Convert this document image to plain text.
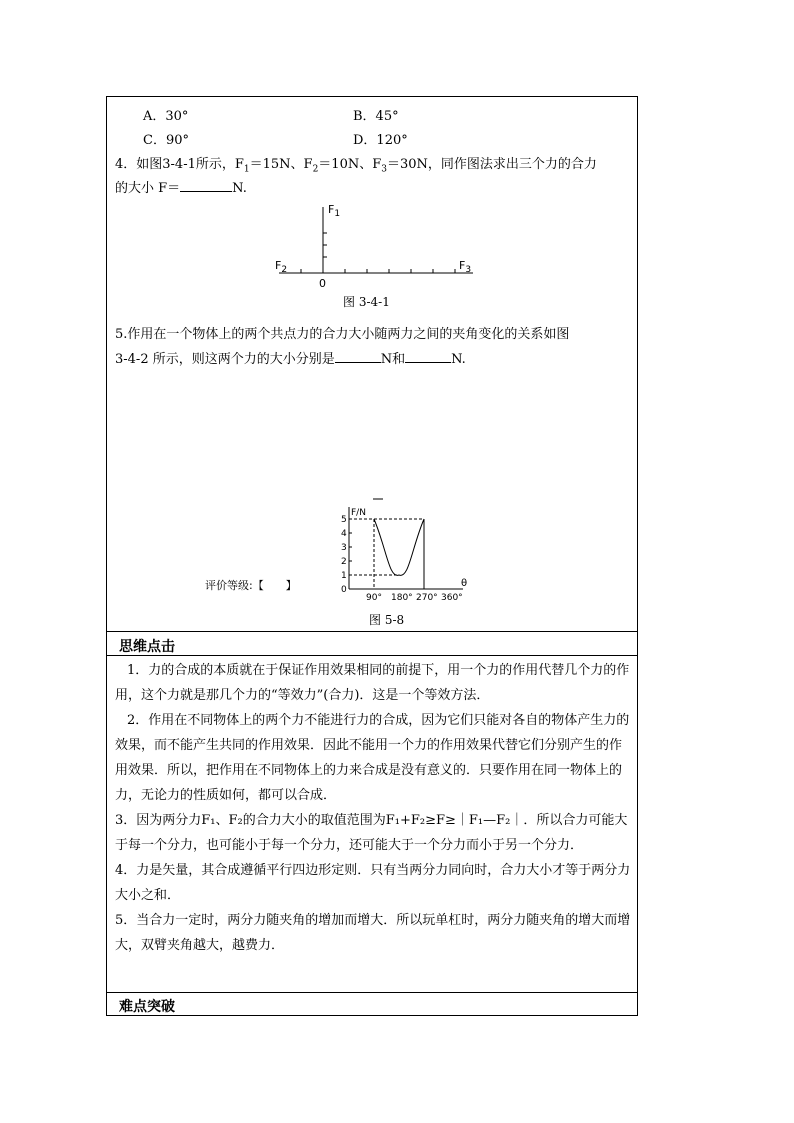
A．30°	B．45°
C．90°	D．120°
4．如图3-4-1所示，$F_1=15N$、$F_2=10N$、$F_3=30N$，同作图法求出三个力的合力
的大小 F＝	N.
$F_1$
$F_2$	$F_3$
0
图 3-4-1
5.作用在一个物体上的两个共点力的合力大小随两力之间的夹角变化的关系如图
3-4-2 所示，则这两个力的大小分别是	N和	N.
评价等级:【 】
F/N
θ
0
1
2
3
4
5
90° 180° 270° 360°
图 5-8
思维点击
1．力的合成的本质就在于保证作用效果相同的前提下，用一个力的作用代替几个力的作用，这个力就是那几个力的“等效力”(合力)．这是一个等效方法．
2．作用在不同物体上的两个力不能进行力的合成，因为它们只能对各自的物体产生力的效果，而不能产生共同的作用效果．因此不能用一个力的作用效果代替它们分别产生的作用效果．所以，把作用在不同物体上的力来合成是没有意义的．只要作用在同一物体上的力，无论力的性质如何，都可以合成．
3．因为两分力F₁、F₂的合力大小的取值范围为F₁+F₂≥F≥｜F₁—F₂｜．所以合力可能大于每一个分力，也可能小于每一个分力，还可能大于一个分力而小于另一个分力．
4．力是矢量，其合成遵循平行四边形定则．只有当两分力同向时，合力大小才等于两分力大小之和．
5．当合力一定时，两分力随夹角的增加而增大．所以玩单杠时，两分力随夹角的增大而增大，双臂夹角越大，越费力．
难点突破
